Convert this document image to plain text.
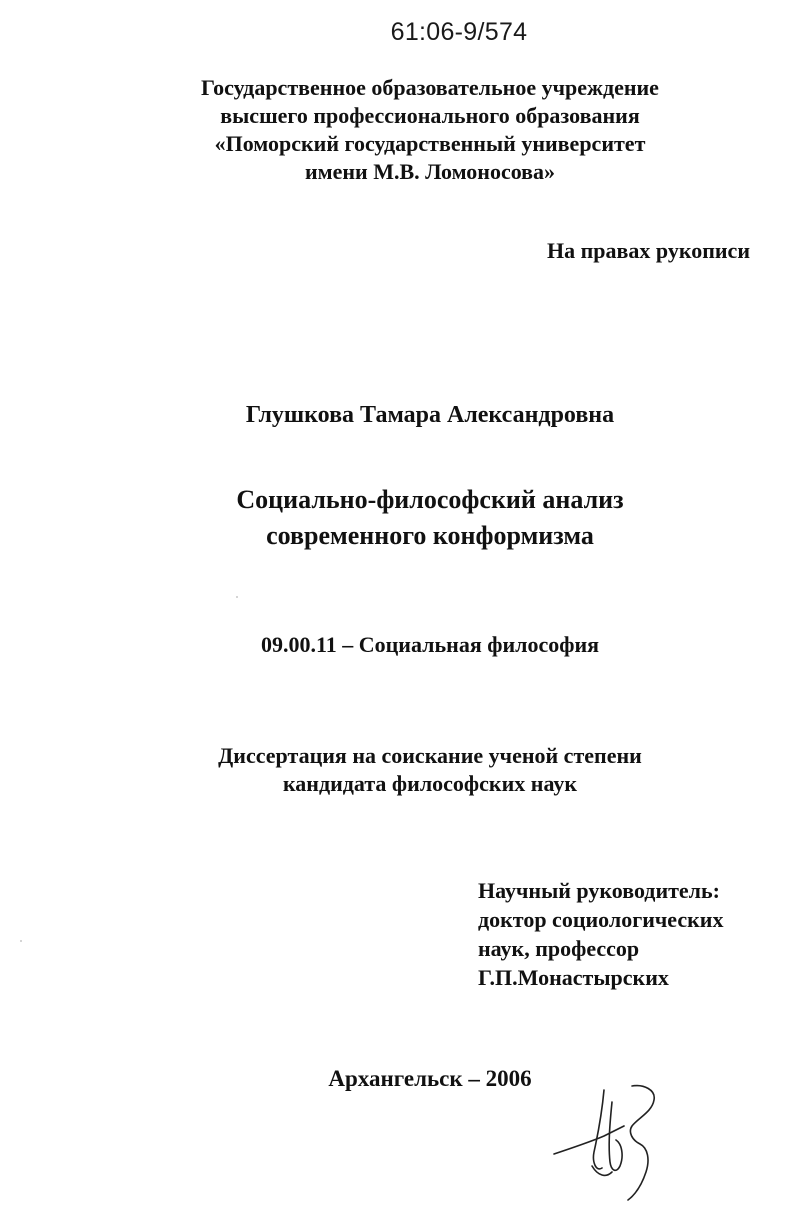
61:06-9/574
Государственное образовательное учреждение
высшего профессионального образования
«Поморский государственный университет
имени М.В. Ломоносова»
На правах рукописи
Глушкова Тамара Александровна
Социально-философский анализ
современного конформизма
09.00.11 – Социальная философия
Диссертация на соискание ученой степени
кандидата философских наук
Научный руководитель:
доктор социологических
наук, профессор
Г.П.Монастырских
Архангельск – 2006
